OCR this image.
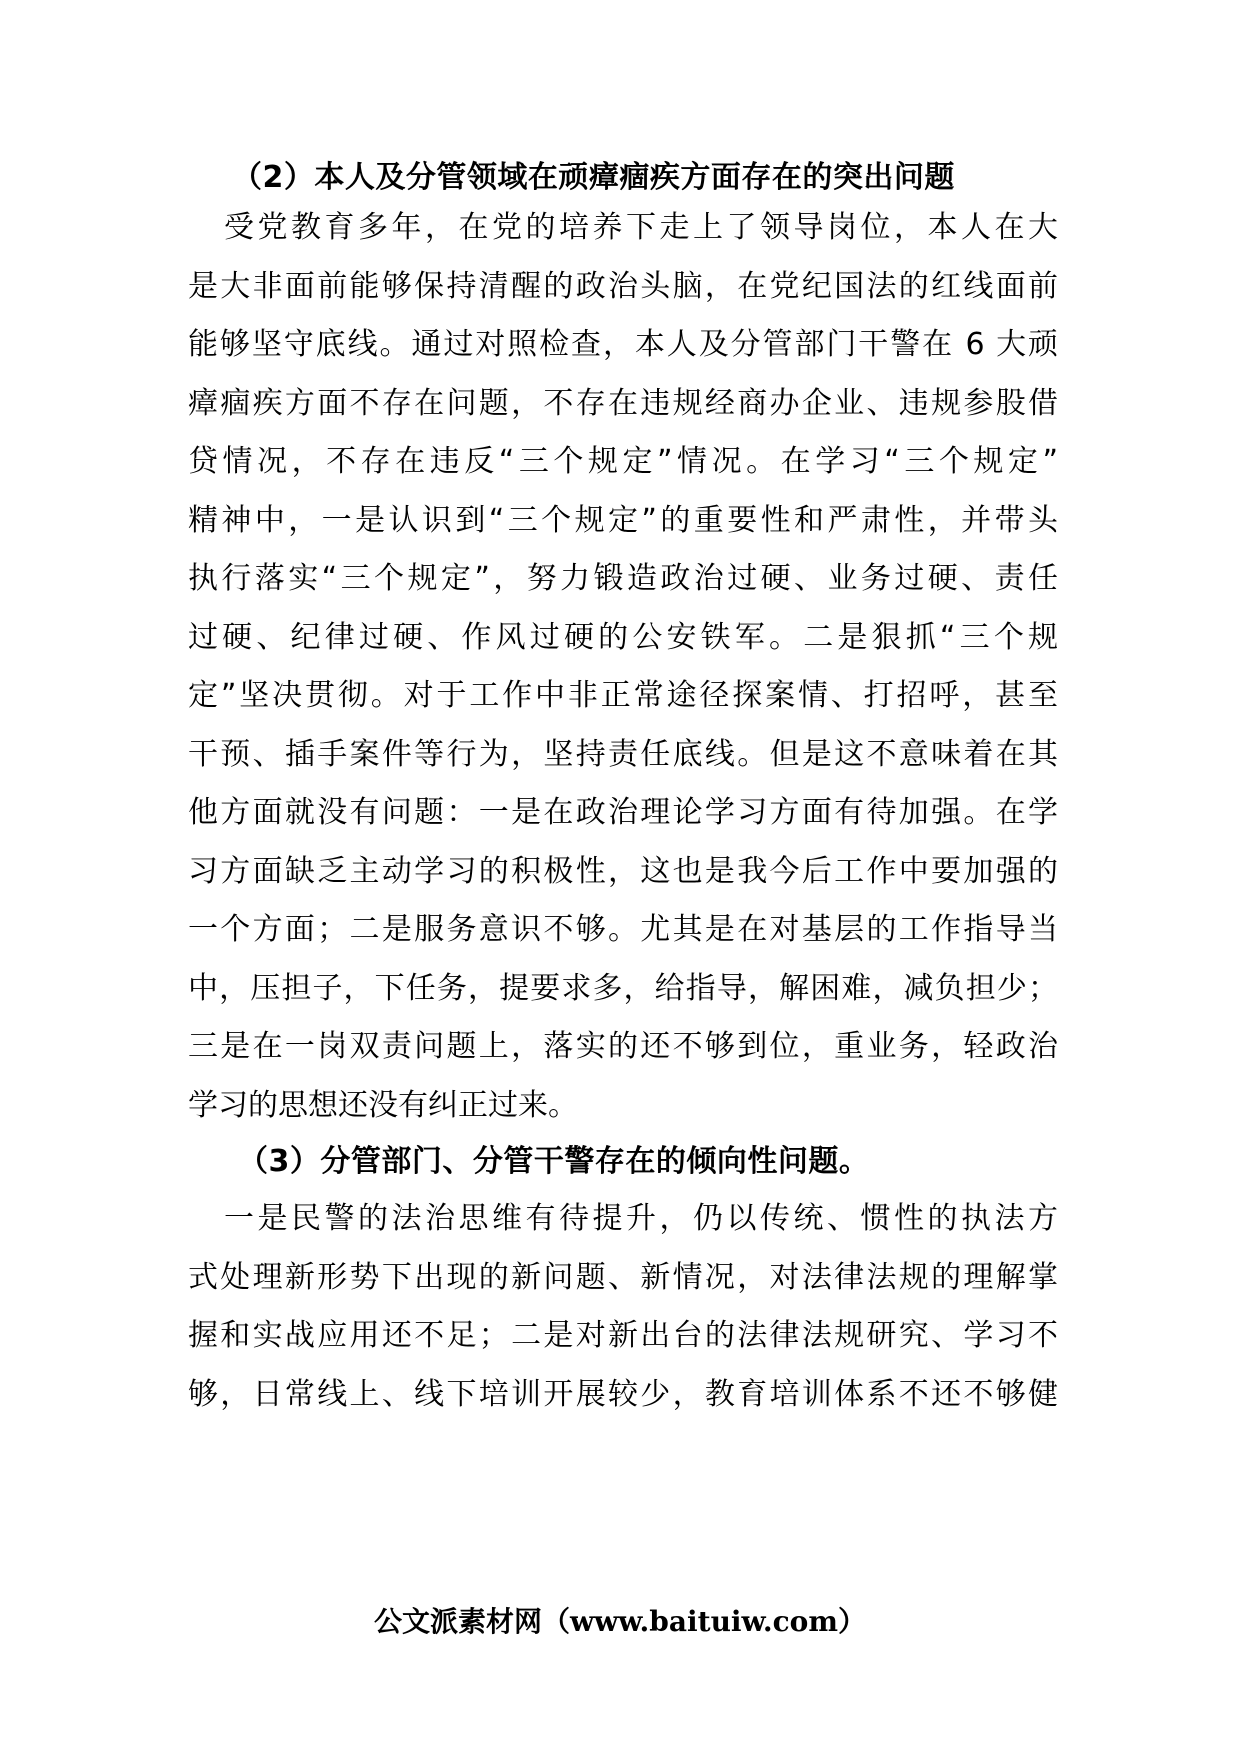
（2）本人及分管领域在顽瘴痼疾方面存在的突出问题
受党教育多年，在党的培养下走上了领导岗位，本人在大
是大非面前能够保持清醒的政治头脑，在党纪国法的红线面前
能够坚守底线。通过对照检查，本人及分管部门干警在 6 大顽
瘴痼疾方面不存在问题，不存在违规经商办企业、违规参股借
贷情况，不存在违反“三个规定”情况。在学习“三个规定”
精神中，一是认识到“三个规定”的重要性和严肃性，并带头
执行落实“三个规定”，努力锻造政治过硬、业务过硬、责任
过硬、纪律过硬、作风过硬的公安铁军。二是狠抓“三个规
定”坚决贯彻。对于工作中非正常途径探案情、打招呼，甚至
干预、插手案件等行为，坚持责任底线。但是这不意味着在其
他方面就没有问题：一是在政治理论学习方面有待加强。在学
习方面缺乏主动学习的积极性，这也是我今后工作中要加强的
一个方面；二是服务意识不够。尤其是在对基层的工作指导当
中，压担子，下任务，提要求多，给指导，解困难，减负担少；
三是在一岗双责问题上，落实的还不够到位，重业务，轻政治
学习的思想还没有纠正过来。
（3）分管部门、分管干警存在的倾向性问题。
一是民警的法治思维有待提升，仍以传统、惯性的执法方
式处理新形势下出现的新问题、新情况，对法律法规的理解掌
握和实战应用还不足；二是对新出台的法律法规研究、学习不
够，日常线上、线下培训开展较少，教育培训体系不还不够健
公文派素材网（www.baituiw.com）
